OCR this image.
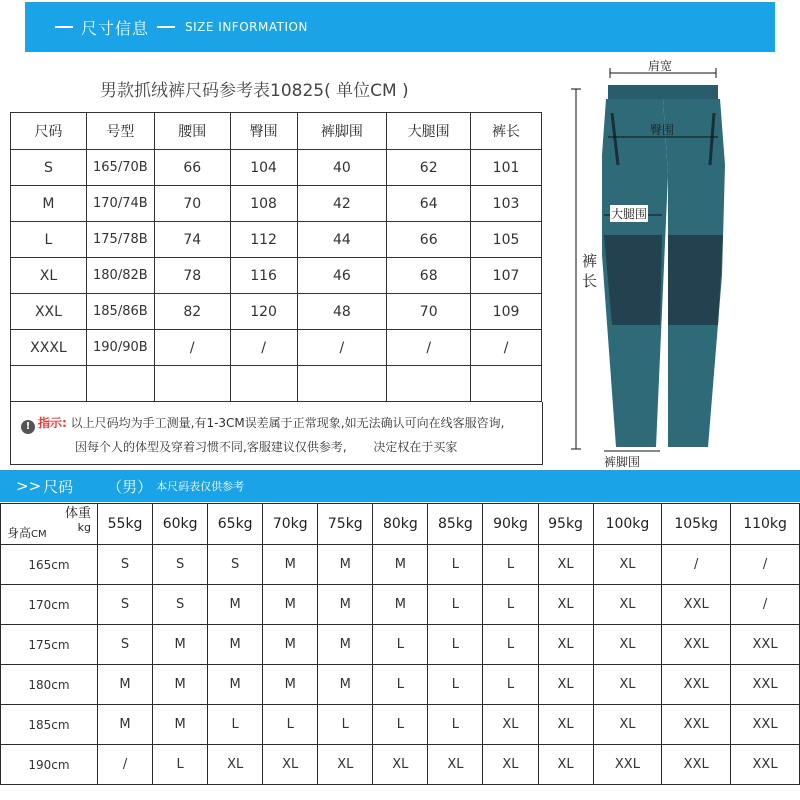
尺寸信息	SIZE INFORMATION
男款抓绒裤尺码参考表10825( 单位CM )
尺码	号型	腰围	臀围	裤脚围	大腿围	裤长
S	165/70B	66	104	40	62	101
M	170/74B	70	108	42	64	103
L	175/78B	74	112	44	66	105
XL	180/82B	78	116	46	68	107
XXL	185/86B	82	120	48	70	109
XXXL	190/90B	/	/	/	/	/

! 指示: 以上尺码均为手工测量,有1-3CM误差属于正常现象,如无法确认可向在线客服咨询,
因每个人的体型及穿着习惯不同,客服建议仅供参考,       决定权在于买家
肩宽
臀围
大腿围
裤长
裤脚围
>> 尺码 （男） 本尺码表仅供参考
体重
kg
身高CM	55kg	60kg	65kg	70kg	75kg	80kg	85kg	90kg	95kg	100kg	105kg	110kg
165cm	S	S	S	M	M	M	L	L	XL	XL	/	/
170cm	S	S	M	M	M	M	L	L	XL	XL	XXL	/
175cm	S	M	M	M	M	L	L	L	XL	XL	XXL	XXL
180cm	M	M	M	M	M	L	L	L	XL	XL	XXL	XXL
185cm	M	M	L	L	L	L	L	XL	XL	XL	XXL	XXL
190cm	/	L	XL	XL	XL	XL	XL	XL	XL	XXL	XXL	XXL
